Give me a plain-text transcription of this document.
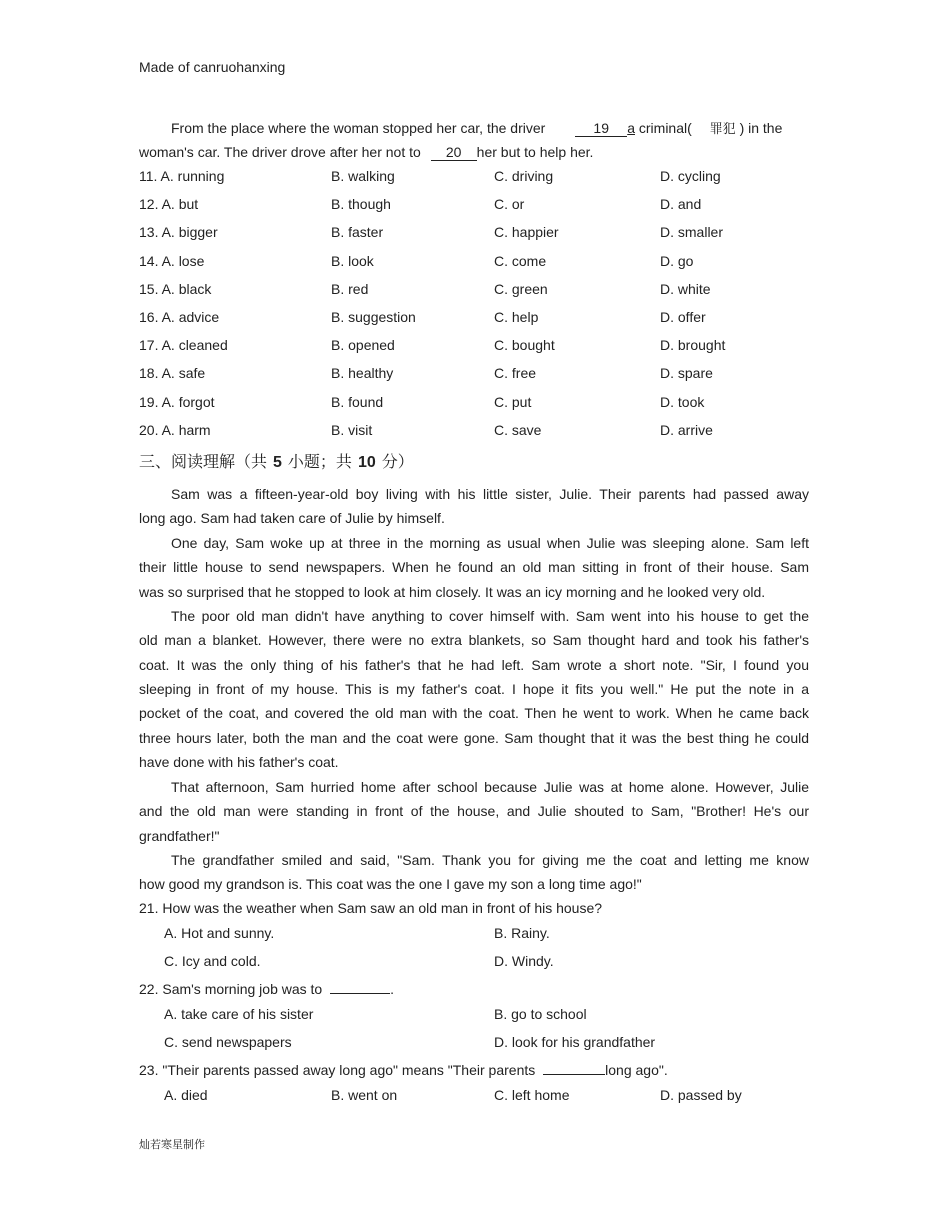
Made of canruohanxing
From the place where the woman stopped her car, the driver	19 a criminal( 罪犯 ) in the
woman's car. The driver drove after her not to 20 her but to help her.
11. A. running	B. walking	C. driving	D. cycling
12. A. but	B. though	C. or	D. and
13. A. bigger	B. faster	C. happier	D. smaller
14. A. lose	B. look	C. come	D. go
15. A. black	B. red	C. green	D. white
16. A. advice	B. suggestion	C. help	D. offer
17. A. cleaned	B. opened	C. bought	D. brought
18. A. safe	B. healthy	C. free	D. spare
19. A. forgot	B. found	C. put	D. took
20. A. harm	B. visit	C. save	D. arrive
三、阅读理解（共 5 小题；共 10 分）
Sam was a fifteen-year-old boy living with his little sister, Julie. Their parents had passed away
long ago. Sam had taken care of Julie by himself.
One day, Sam woke up at three in the morning as usual when Julie was sleeping alone. Sam left
their little house to send newspapers. When he found an old man sitting in front of their house. Sam
was so surprised that he stopped to look at him closely. It was an icy morning and he looked very old.
The poor old man didn't have anything to cover himself with. Sam went into his house to get the
old man a blanket. However, there were no extra blankets, so Sam thought hard and took his father's
coat. It was the only thing of his father's that he had left. Sam wrote a short note. "Sir, I found you
sleeping in front of my house. This is my father's coat. I hope it fits you well." He put the note in a
pocket of the coat, and covered the old man with the coat. Then he went to work. When he came back
three hours later, both the man and the coat were gone. Sam thought that it was the best thing he could
have done with his father's coat.
That afternoon, Sam hurried home after school because Julie was at home alone. However, Julie
and the old man were standing in front of the house, and Julie shouted to Sam, "Brother! He's our
grandfather!"
The grandfather smiled and said, "Sam. Thank you for giving me the coat and letting me know
how good my grandson is. This coat was the one I gave my son a long time ago!"
21. How was the weather when Sam saw an old man in front of his house?
A. Hot and sunny.	B. Rainy.
C. Icy and cold.	D. Windy.
22. Sam's morning job was to	.
A. take care of his sister	B. go to school
C. send newspapers	D. look for his grandfather
23. "Their parents passed away long ago" means "Their parents	long ago".
A. died	B. went on	C. left home	D. passed by
灿若寒星制作
